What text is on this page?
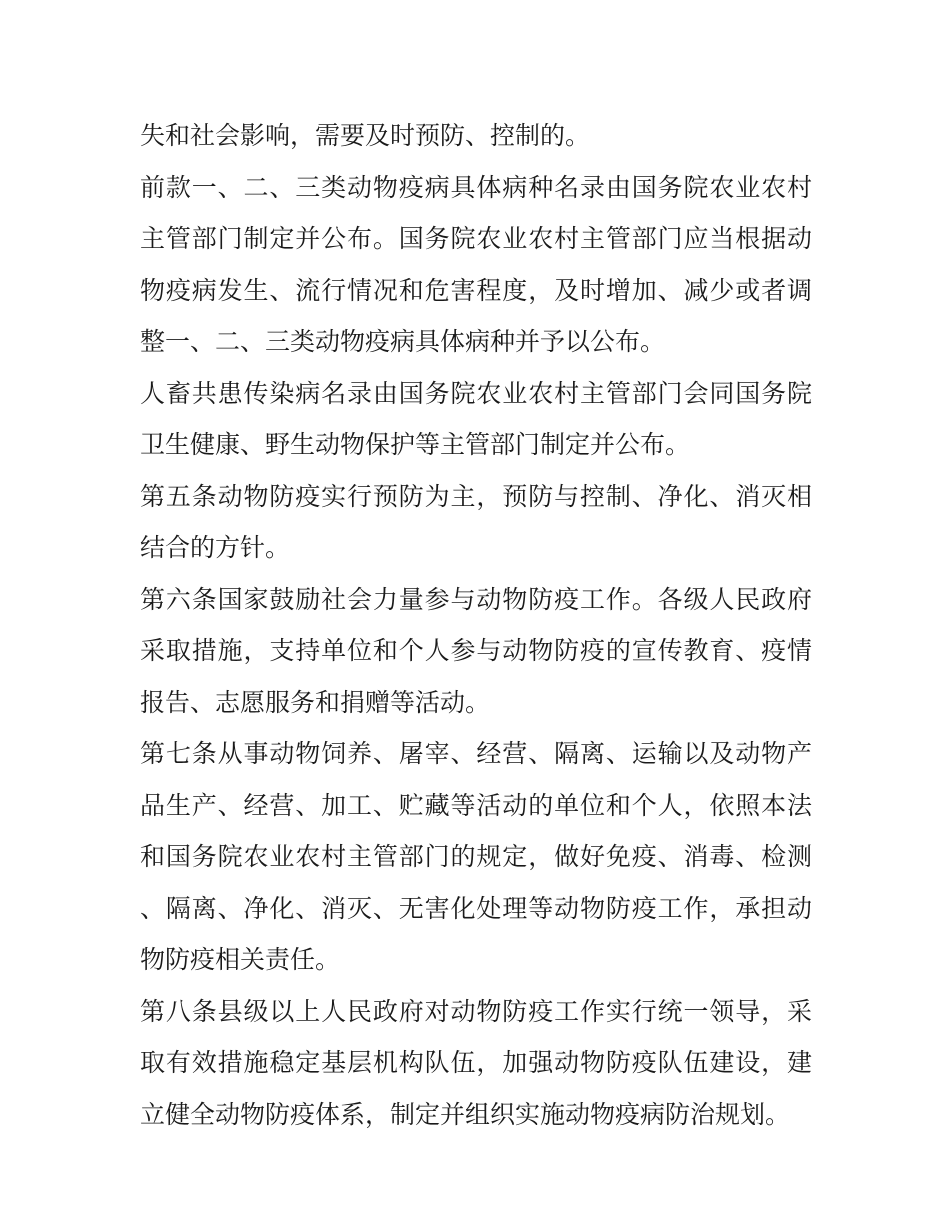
失和社会影响，需要及时预防、控制的。

前款一、二、三类动物疫病具体病种名录由国务院农业农村主管部门制定并公布。国务院农业农村主管部门应当根据动物疫病发生、流行情况和危害程度，及时增加、减少或者调整一、二、三类动物疫病具体病种并予以公布。

人畜共患传染病名录由国务院农业农村主管部门会同国务院卫生健康、野生动物保护等主管部门制定并公布。

第五条动物防疫实行预防为主，预防与控制、净化、消灭相结合的方针。

第六条国家鼓励社会力量参与动物防疫工作。各级人民政府采取措施，支持单位和个人参与动物防疫的宣传教育、疫情报告、志愿服务和捐赠等活动。

第七条从事动物饲养、屠宰、经营、隔离、运输以及动物产品生产、经营、加工、贮藏等活动的单位和个人，依照本法和国务院农业农村主管部门的规定，做好免疫、消毒、检测、隔离、净化、消灭、无害化处理等动物防疫工作，承担动物防疫相关责任。

第八条县级以上人民政府对动物防疫工作实行统一领导，采取有效措施稳定基层机构队伍，加强动物防疫队伍建设，建立健全动物防疫体系，制定并组织实施动物疫病防治规划。
